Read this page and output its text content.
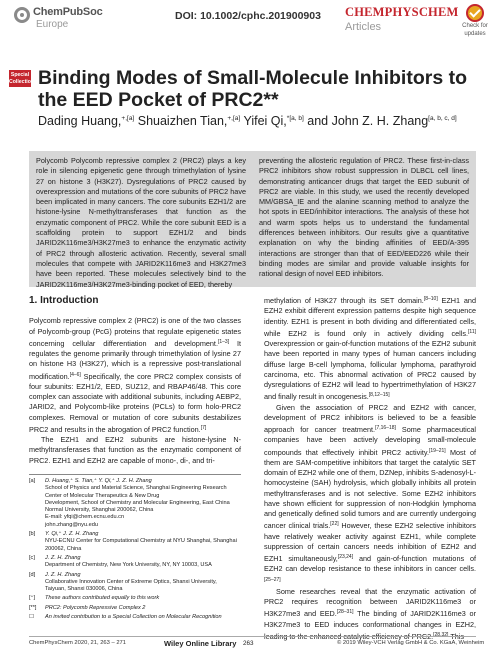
ChemPubSoc
Europe
DOI: 10.1002/cphc.201900903 CHEMPHYSCHEM
Articles	Check for
updates
Special
Collection Binding Modes of Small-Molecule Inhibitors to the EED Pocket of PRC2**
Dading Huang,$^{+,[a]}$ Shuaizhen Tian,$^{+,[a]}$ Yifei Qi,$^{*[a, b]}$ and John Z. H. Zhang[a, b, c, d]

Polycomb Polycomb repressive complex 2 (PRC2) plays a key role in silencing epigenetic gene through trimethylation of lysine 27 on histone 3 (H3K27). Dysregulations of PRC2 caused by overexpression and mutations of the core subunits of PRC2 have been implicated in many cancers. The core subunits EZH1/2 are histone-lysine N-methyltransferases that function as the enzymatic component of PRC2. While the core subunit EED is a scaffolding protein to support EZH1/2 and binds JARID2K116me3/H3K27me3 to enhance the enzymatic activity of PRC2 through allosteric activation. Recently, several small molecules that compete with JARID2K116me3 and H3K27me3 have been reported. These molecules selectively bind to the JARID2K116me3/H3K27me3-binding pocket of EED, thereby

preventing the allosteric regulation of PRC2. These first-in-class PRC2 inhibitors show robust suppression in DLBCL cell lines, demonstrating anticancer drugs that target the EED subunit of PRC2 are viable. In this study, we used the recently developed MM/GBSA_IE and the alanine scanning method to analyze the hot spots in EED/inhibitor interactions. The analysis of these hot and warm spots helps us to understand the fundamental differences between inhibitors. Our results give a quantitative explanation on why the binding affinities of EED/A-395 interactions are stronger than that of EED/EED226 while their binding modes are similar and provide valuable insights for rational design of novel EED inhibitors.

1. Introduction

Polycomb repressive complex 2 (PRC2) is one of the two classes of Polycomb-group (PcG) proteins that regulate epigenetic states concerning cellular differentiation and development.[1–3] It regulates the genome primarily through trimethylation of lysine 27 on histone H3 (H3K27), which is a repressive post-translational modification.[4–6] Specifically, the core PRC2 complex consists of four subunits: EZH1/2, EED, SUZ12, and RBAP46/48. This core complex can associate with additional subunits, including AEBP2, JARID2, and Polycomb-like proteins (PCLs) to form holo-PRC2 complexes. Removal or mutation of core subunits destabilizes PRC2 and results in the abrogation of PRC2 function.[7]

The EZH1 and EZH2 subunits are histone-lysine N-methyltransferases that function as the enzymatic component of PRC2. EZH1 and EZH2 are capable of mono-, di-, and tri-

methylation of H3K27 through its SET domain.[8–10] EZH1 and EZH2 exhibit different expression patterns despite high sequence identity. EZH1 is present in both dividing and differentiated cells, while EZH2 is found only in actively dividing cells.[11] Overexpression or gain-of-function mutations of the EZH2 subunit have been reported in many types of human cancers including diffuse large B-cell lymphoma, follicular lymphoma, parathyroid carcinoma, etc. This abnormal activation of PRC2 caused by dysregulations of EZH2 will lead to hypertrimethylation of H3K27 and finally result in oncogenesis.[8,12–15]

Given the association of PRC2 and EZH2 with cancer, development of PRC2 inhibitors is believed to be a feasible approach for cancer treatment.[7,16–18] Some pharmaceutical companies have been actively developing small-molecule compounds that effectively inhibit PRC2 activity.[19–21] Most of them are SAM-competitive inhibitors that target the catalytic SET domain of EZH2 while one of them, DZNep, inhibits S-adenosyl-L-homocysteine (SAH) hydrolysis, which globally inhibits all protein methyltransferases and is not selective. Some EZH2 inhibitors have shown efficient for suppression of non-Hodgkin lymphoma and genetically defined solid tumors and are currently undergoing cancer clinical trials.[22] However, these EZH2 selective inhibitors have relatively weaker activity against EZH1, while complete suppression of certain cancers needs inhibition of EZH2 and EZH1 simultaneously,[23,24] and gain-of-function mutations of EZH2 can develop resistance to these inhibitors in cancer cells.[25–27]

Some researches reveal that the enzymatic activation of PRC2 requires recognition between JARID2K116me3 or H3K27me3 and EED.[28–31] The binding of JARID2K116me3 or H3K27me3 to EED induces conformational changes in EZH2, leading to the enhanced catalytic efficiency of PRC2.[28,32] This

[a] D. Huang,⁺ S. Tian,⁺ Y. Qi,⁺ J. Z. H. Zhang
School of Physics and Material Science, Shanghai Engineering Research
Center of Molecular Therapeutics & New Drug
Development, School of Chemistry and Molecular Engineering, East China
Normal University, Shanghai 200062, China
E-mail: yfqi@chem.ecnu.edu.cn
john.zhang@nyu.edu
[b] Y. Qi,⁺ J. Z. H. Zhang
NYU-ECNU Center for Computational Chemistry at NYU Shanghai, Shanghai
200062, China
[c] J. Z. H. Zhang
Department of Chemistry, New York University, NY, NY 10003, USA
[d] J. Z. H. Zhang
Collaborative Innovation Center of Extreme Optics, Shanxi University,
Taiyuan, Shanxi 030006, China
[⁺] These authors contributed equally to this work
[**] PRC2: Polycomb Repressive Complex 2
☐ An invited contribution to a Special Collection on Molecular Recognition
ChemPhysChem 2020, 21, 263 – 271	Wiley Online Library 263	© 2019 Wiley-VCH Verlag GmbH & Co. KGaA, Weinheim
